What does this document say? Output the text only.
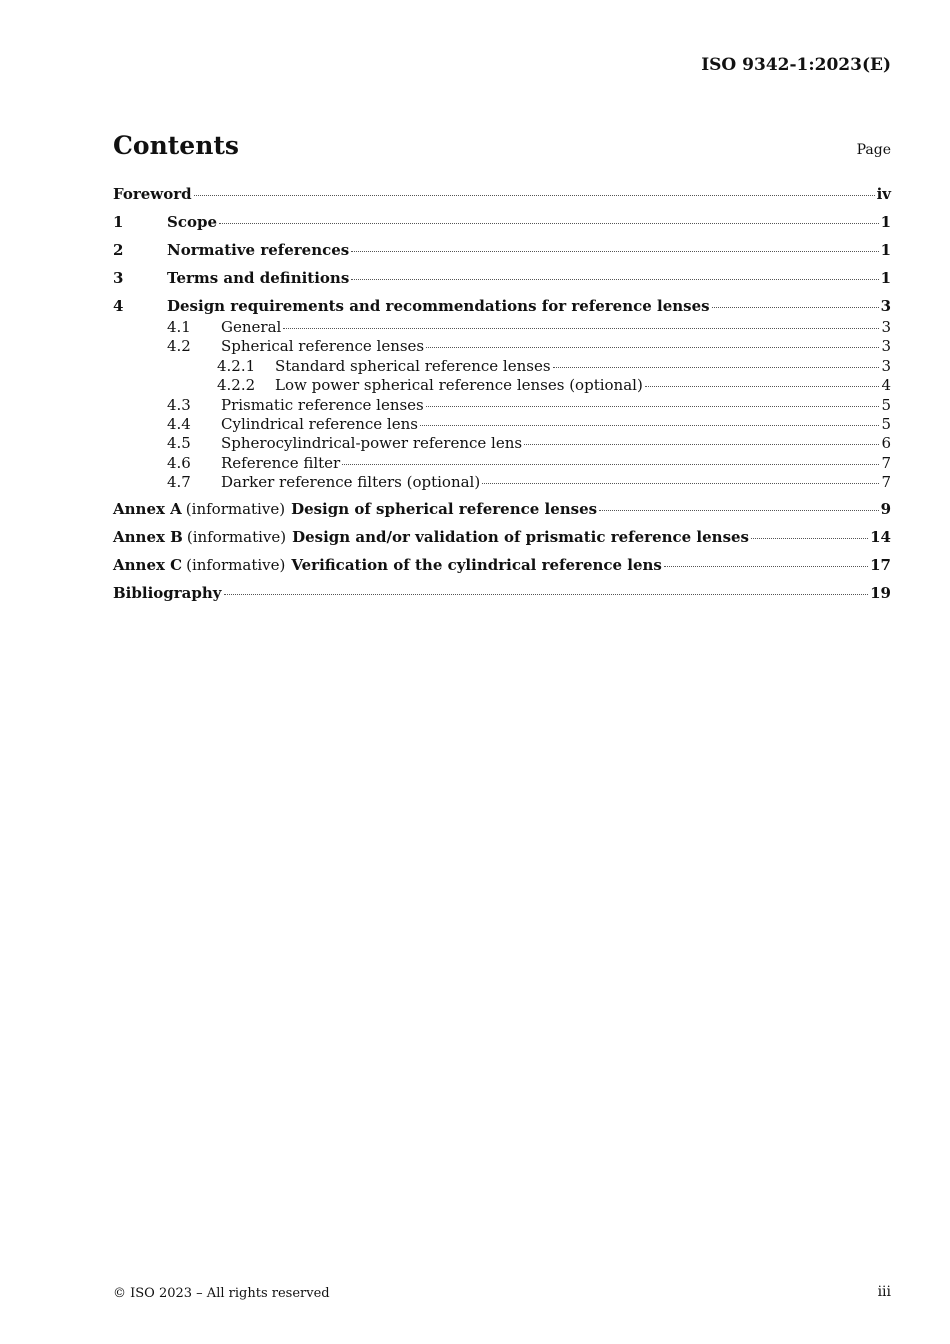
ISO 9342-1:2023(E)
Contents	Page
Foreword	iv
1	Scope	1
2	Normative references	1
3	Terms and definitions	1
4	Design requirements and recommendations for reference lenses	3
4.1	General	3
4.2	Spherical reference lenses	3
4.2.1	Standard spherical reference lenses	3
4.2.2	Low power spherical reference lenses (optional)	4
4.3	Prismatic reference lenses	5
4.4	Cylindrical reference lens	5
4.5	Spherocylindrical-power reference lens	6
4.6	Reference filter	7
4.7	Darker reference filters (optional)	7
Annex A (informative) Design of spherical reference lenses	9
Annex B (informative) Design and/or validation of prismatic reference lenses	14
Annex C (informative) Verification of the cylindrical reference lens	17
Bibliography	19
© ISO 2023 – All rights reserved	iii
